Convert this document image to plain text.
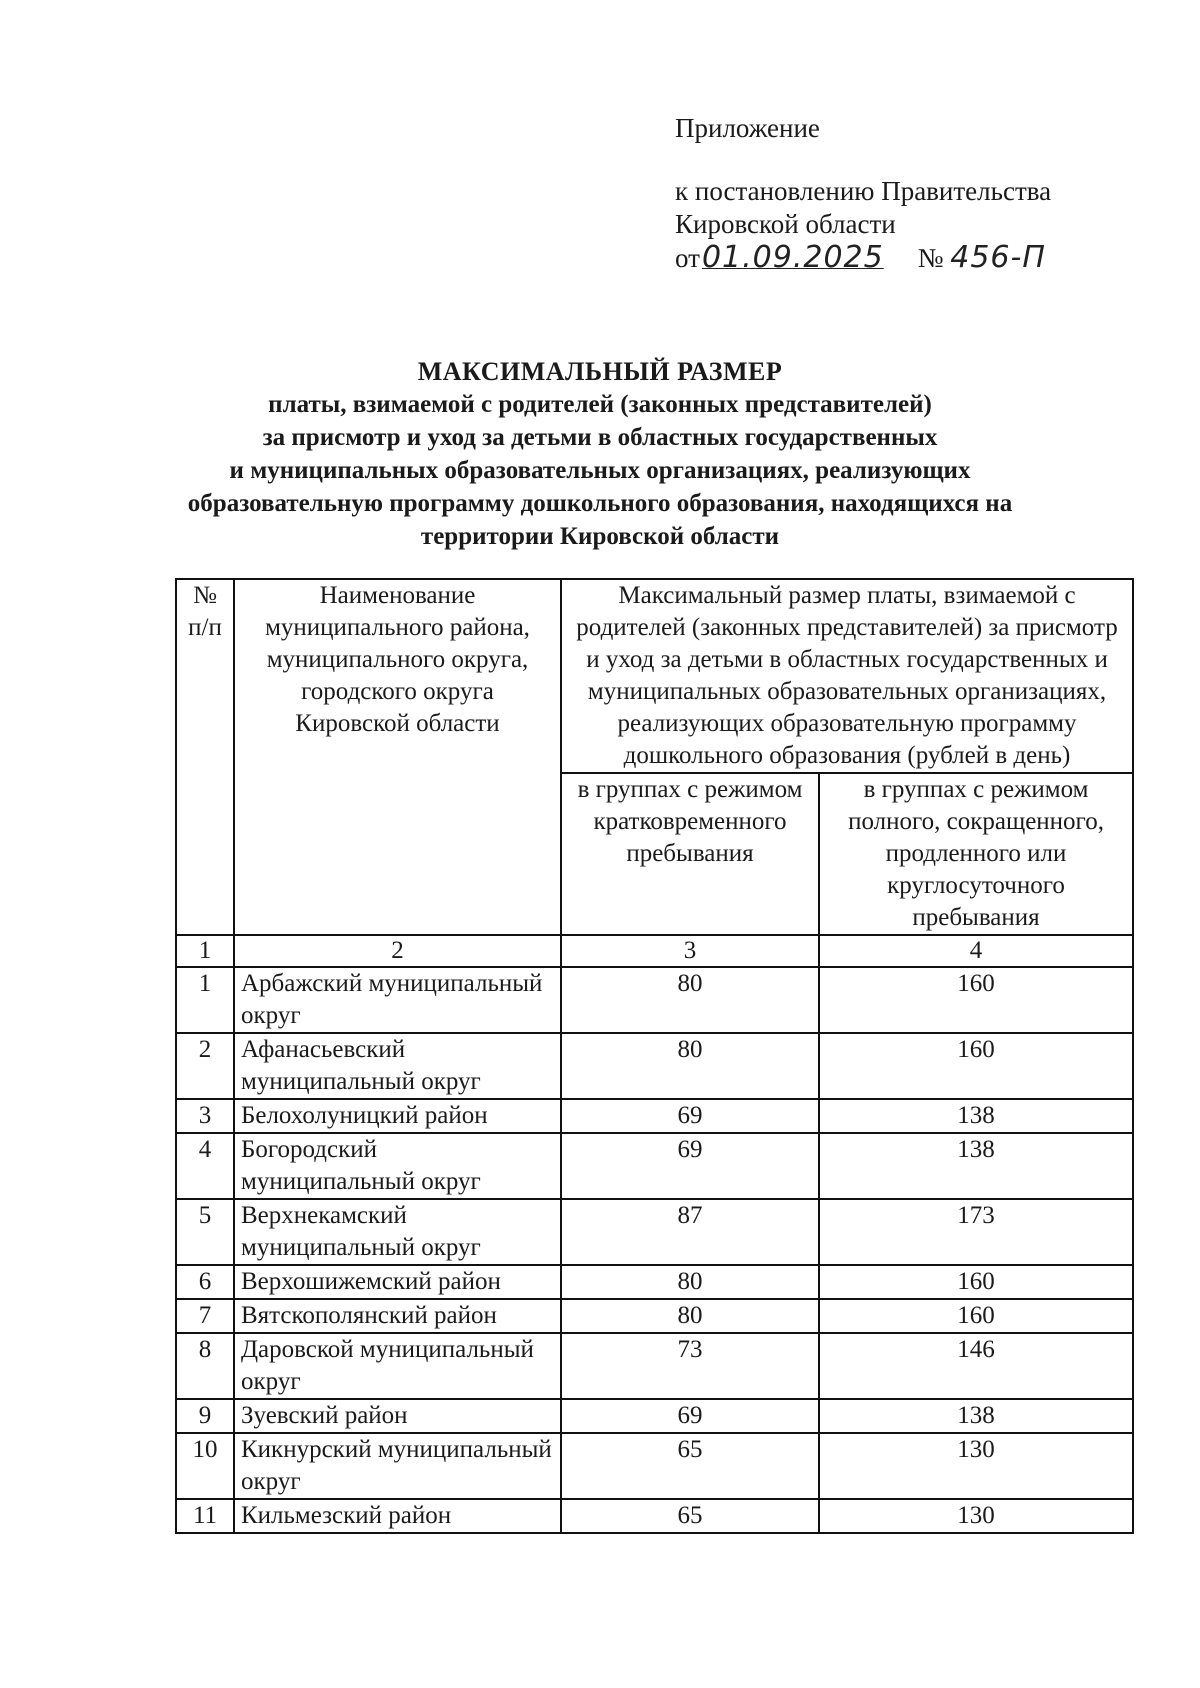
Приложение
к постановлению Правительства
Кировской области
от01.09.2025 № 456-П
МАКСИМАЛЬНЫЙ РАЗМЕР
платы, взимаемой с родителей (законных представителей)
за присмотр и уход за детьми в областных государственных
и муниципальных образовательных организациях, реализующих
образовательную программу дошкольного образования, находящихся на
территории Кировской области
№ п/п	Наименование муниципального района, муниципального округа, городского округа Кировской области	Максимальный размер платы, взимаемой с родителей (законных представителей) за присмотр и уход за детьми в областных государственных и муниципальных образовательных организациях, реализующих образовательную программу дошкольного образования (рублей в день)	
		в группах с режимом кратковременного пребывания	в группах с режимом полного, сокращенного, продленного или круглосуточного пребывания
1	2	3	4
1	Арбажский муниципальный округ	80	160
2	Афанасьевский муниципальный округ	80	160
3	Белохолуницкий район	69	138
4	Богородский муниципальный округ	69	138
5	Верхнекамский муниципальный округ	87	173
6	Верхошижемский район	80	160
7	Вятскополянский район	80	160
8	Даровской муниципальный округ	73	146
9	Зуевский район	69	138
10	Кикнурский муниципальный округ	65	130
11	Кильмезский район	65	130
